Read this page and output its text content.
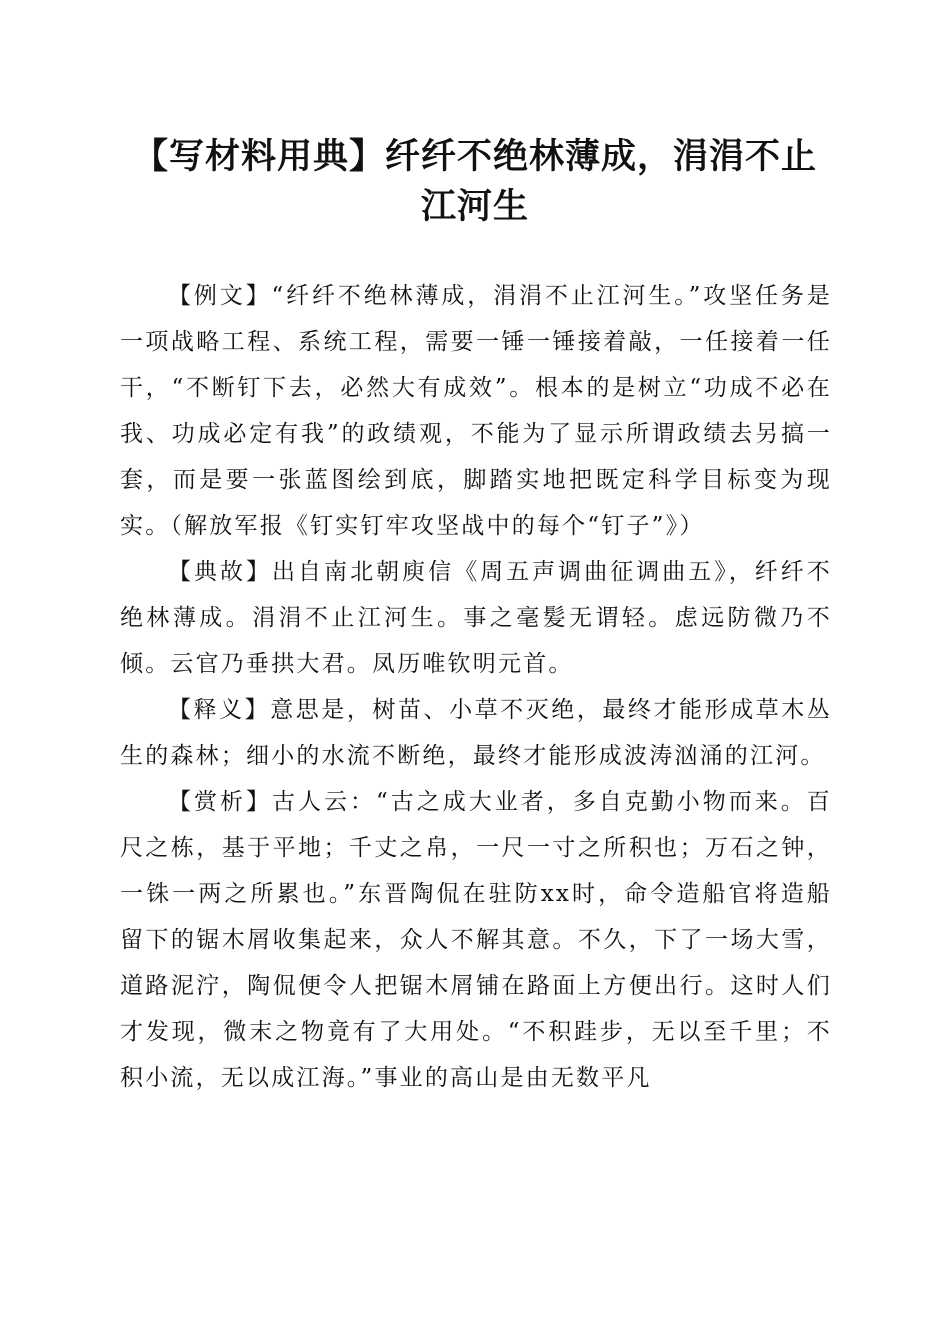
【写材料用典】纤纤不绝林薄成，涓涓不止江河生

【例文】“纤纤不绝林薄成，涓涓不止江河生。”攻坚任务是一项战略工程、系统工程，需要一锤一锤接着敲，一任接着一任干，“不断钉下去，必然大有成效”。根本的是树立“功成不必在我、功成必定有我”的政绩观，不能为了显示所谓政绩去另搞一套，而是要一张蓝图绘到底，脚踏实地把既定科学目标变为现实。（解放军报《钉实钉牢攻坚战中的每个“钉子”》）

【典故】出自南北朝庾信《周五声调曲征调曲五》，纤纤不绝林薄成。涓涓不止江河生。事之毫髪无谓轻。虑远防微乃不倾。云官乃垂拱大君。凤历唯钦明元首。

【释义】意思是，树苗、小草不灭绝，最终才能形成草木丛生的森林；细小的水流不断绝，最终才能形成波涛汹涌的江河。

【赏析】古人云：“古之成大业者，多自克勤小物而来。百尺之栋，基于平地；千丈之帛，一尺一寸之所积也；万石之钟，一铢一两之所累也。”东晋陶侃在驻防xx时，命令造船官将造船留下的锯木屑收集起来，众人不解其意。不久，下了一场大雪，道路泥泞，陶侃便令人把锯木屑铺在路面上方便出行。这时人们才发现，微末之物竟有了大用处。“不积跬步，无以至千里；不积小流，无以成江海。”事业的高山是由无数平凡
